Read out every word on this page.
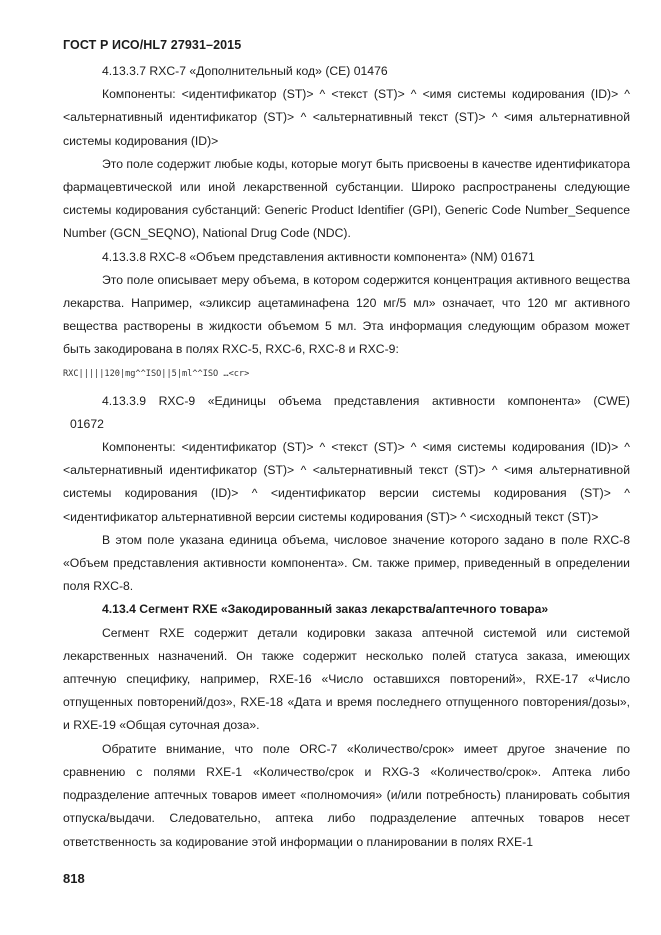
ГОСТ Р ИСО/HL7 27931–2015

4.13.3.7 RXC-7 «Дополнительный код» (СЕ) 01476

Компоненты: <идентификатор (ST)> ^ <текст (ST)> ^ <имя системы кодирования (ID)> ^ <альтернативный идентификатор (ST)> ^ <альтернативный текст (ST)> ^ <имя альтернативной системы кодирования (ID)>

Это поле содержит любые коды, которые могут быть присвоены в качестве идентификатора фармацевтической или иной лекарственной субстанции. Широко распространены следующие системы кодирования субстанций: Generic Product Identifier (GPI), Generic Code Number_Sequence Number (GCN_SEQNO), National Drug Code (NDC).

4.13.3.8 RXC-8 «Объем представления активности компонента» (NM) 01671

Это поле описывает меру объема, в котором содержится концентрация активного вещества лекарства. Например, «эликсир ацетаминафена 120 мг/5 мл» означает, что 120 мг активного вещества растворены в жидкости объемом 5 мл. Эта информация следующим образом может быть закодирована в полях RXC-5, RXC-6, RXC-8 и RXC-9:

RXC|||||120|mg^^ISO||5|ml^^ISO …<cr>

4.13.3.9 RXC-9 «Единицы объема представления активности компонента» (CWE)

01672

Компоненты: <идентификатор (ST)> ^ <текст (ST)> ^ <имя системы кодирования (ID)> ^ <альтернативный идентификатор (ST)> ^ <альтернативный текст (ST)> ^ <имя альтернативной системы кодирования (ID)> ^ <идентификатор версии системы кодирования (ST)> ^ <идентификатор альтернативной версии системы кодирования (ST)> ^ <исходный текст (ST)>

В этом поле указана единица объема, числовое значение которого задано в поле RXC-8 «Объем представления активности компонента». См. также пример, приведенный в определении поля RXC-8.

4.13.4 Сегмент RXE «Закодированный заказ лекарства/аптечного товара»

Сегмент RXE содержит детали кодировки заказа аптечной системой или системой лекарственных назначений. Он также содержит несколько полей статуса заказа, имеющих аптечную специфику, например, RXE-16 «Число оставшихся повторений», RXE-17 «Число отпущенных повторений/доз», RXE-18 «Дата и время последнего отпущенного повторения/дозы», и RXE-19 «Общая суточная доза».

Обратите внимание, что поле ORC-7 «Количество/срок» имеет другое значение по сравнению с полями RXE-1 «Количество/срок и RXG-3 «Количество/срок». Аптека либо подразделение аптечных товаров имеет «полномочия» (и/или потребность) планировать события отпуска/выдачи. Следовательно, аптека либо подразделение аптечных товаров несет ответственность за кодирование этой информации о планировании в полях RXE-1

818
